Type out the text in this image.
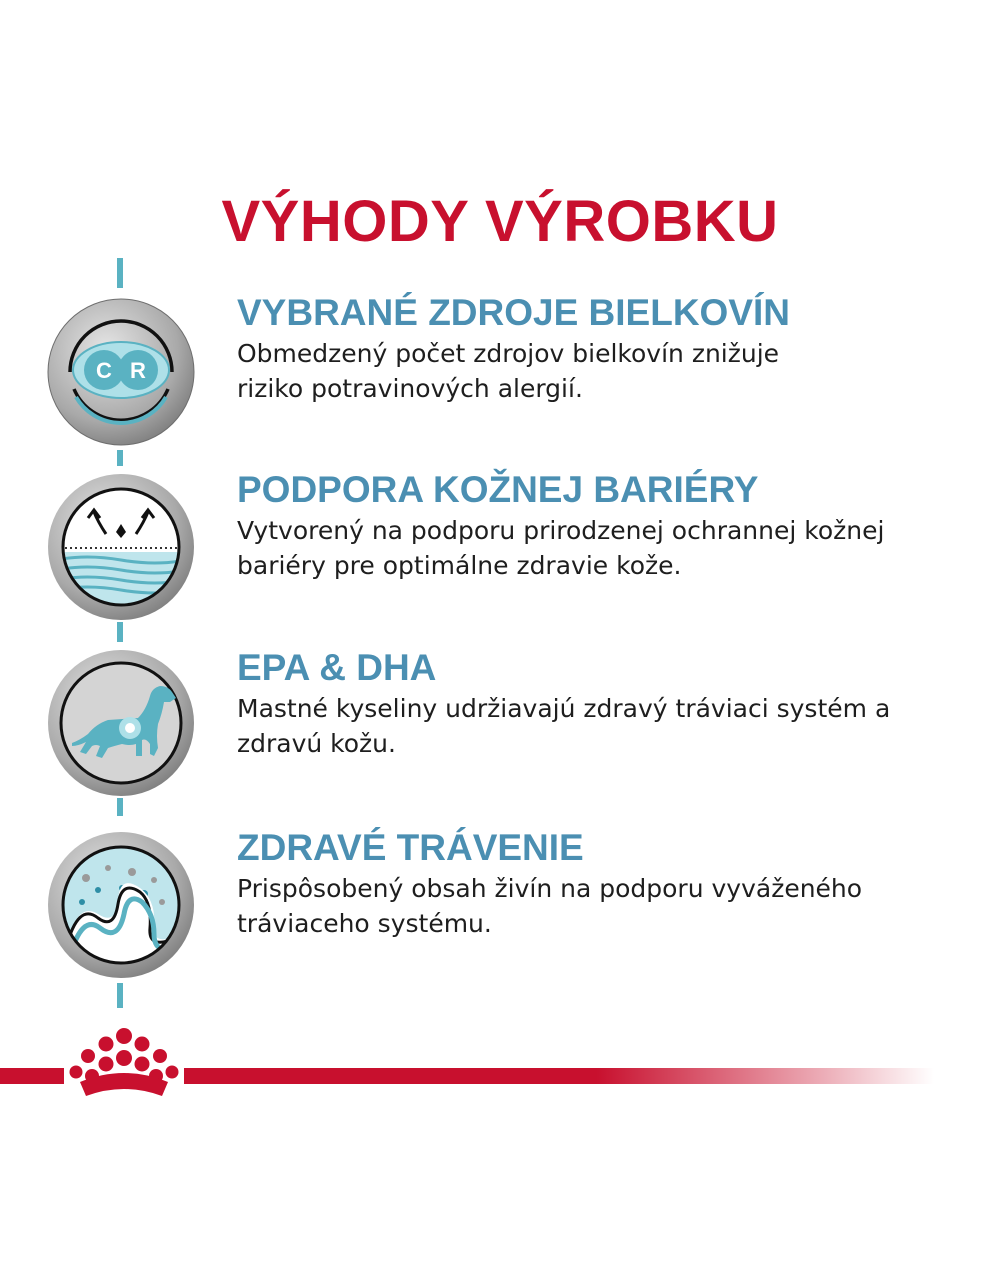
VÝHODY VÝROBKU
C R
VYBRANÉ ZDROJE BIELKOVÍN
Obmedzený počet zdrojov bielkovín znižuje
riziko potravinových alergií.
PODPORA KOŽNEJ BARIÉRY
Vytvorený na podporu prirodzenej ochrannej kožnej
bariéry pre optimálne zdravie kože.
EPA & DHA
Mastné kyseliny udržiavajú zdravý tráviaci systém a
zdravú kožu.
ZDRAVÉ TRÁVENIE
Prispôsobený obsah živín na podporu vyváženého
tráviaceho systému.
